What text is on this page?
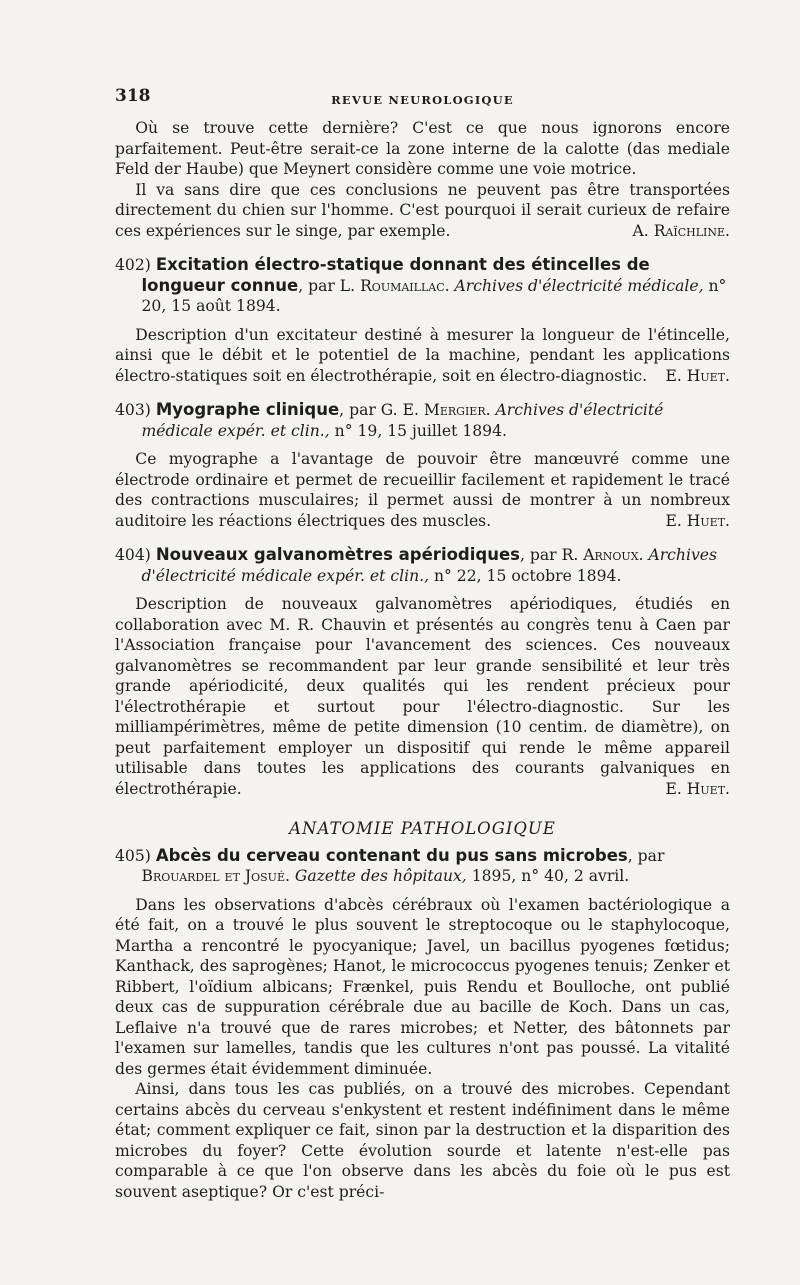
318	REVUE NEUROLOGIQUE

Où se trouve cette dernière? C'est ce que nous ignorons encore parfaitement. Peut-être serait-ce la zone interne de la calotte (das mediale Feld der Haube) que Meynert considère comme une voie motrice.

Il va sans dire que ces conclusions ne peuvent pas être transportées directement du chien sur l'homme. C'est pourquoi il serait curieux de refaire ces expériences sur le singe, par exemple.	A. Raïchline.

402) Excitation électro-statique donnant des étincelles de longueur connue, par L. Roumaillac. Archives d'électricité médicale, n° 20, 15 août 1894.

Description d'un excitateur destiné à mesurer la longueur de l'étincelle, ainsi que le débit et le potentiel de la machine, pendant les applications électro-statiques soit en électrothérapie, soit en électro-diagnostic. E. Huet.

403) Myographe clinique, par G. E. Mergier. Archives d'électricité médicale expér. et clin., n° 19, 15 juillet 1894.

Ce myographe a l'avantage de pouvoir être manœuvré comme une électrode ordinaire et permet de recueillir facilement et rapidement le tracé des contractions musculaires; il permet aussi de montrer à un nombreux auditoire les réactions électriques des muscles.	E. Huet.

404) Nouveaux galvanomètres apériodiques, par R. Arnoux. Archives d'électricité médicale expér. et clin., n° 22, 15 octobre 1894.

Description de nouveaux galvanomètres apériodiques, étudiés en collaboration avec M. R. Chauvin et présentés au congrès tenu à Caen par l'Association française pour l'avancement des sciences. Ces nouveaux galvanomètres se recommandent par leur grande sensibilité et leur très grande apériodicité, deux qualités qui les rendent précieux pour l'électrothérapie et surtout pour l'électro-diagnostic. Sur les milliampérimètres, même de petite dimension (10 centim. de diamètre), on peut parfaitement employer un dispositif qui rende le même appareil utilisable dans toutes les applications des courants galvaniques en électrothérapie.	E. Huet.

ANATOMIE PATHOLOGIQUE

405) Abcès du cerveau contenant du pus sans microbes, par Brouardel et Josué. Gazette des hôpitaux, 1895, n° 40, 2 avril.

Dans les observations d'abcès cérébraux où l'examen bactériologique a été fait, on a trouvé le plus souvent le streptocoque ou le staphylocoque, Martha a rencontré le pyocyanique; Javel, un bacillus pyogenes fœtidus; Kanthack, des saprogènes; Hanot, le micrococcus pyogenes tenuis; Zenker et Ribbert, l'oïdium albicans; Frænkel, puis Rendu et Boulloche, ont publié deux cas de suppuration cérébrale due au bacille de Koch. Dans un cas, Leflaive n'a trouvé que de rares microbes; et Netter, des bâtonnets par l'examen sur lamelles, tandis que les cultures n'ont pas poussé. La vitalité des germes était évidemment diminuée.

Ainsi, dans tous les cas publiés, on a trouvé des microbes. Cependant certains abcès du cerveau s'enkystent et restent indéfiniment dans le même état; comment expliquer ce fait, sinon par la destruction et la disparition des microbes du foyer? Cette évolution sourde et latente n'est-elle pas comparable à ce que l'on observe dans les abcès du foie où le pus est souvent aseptique? Or c'est préci-
